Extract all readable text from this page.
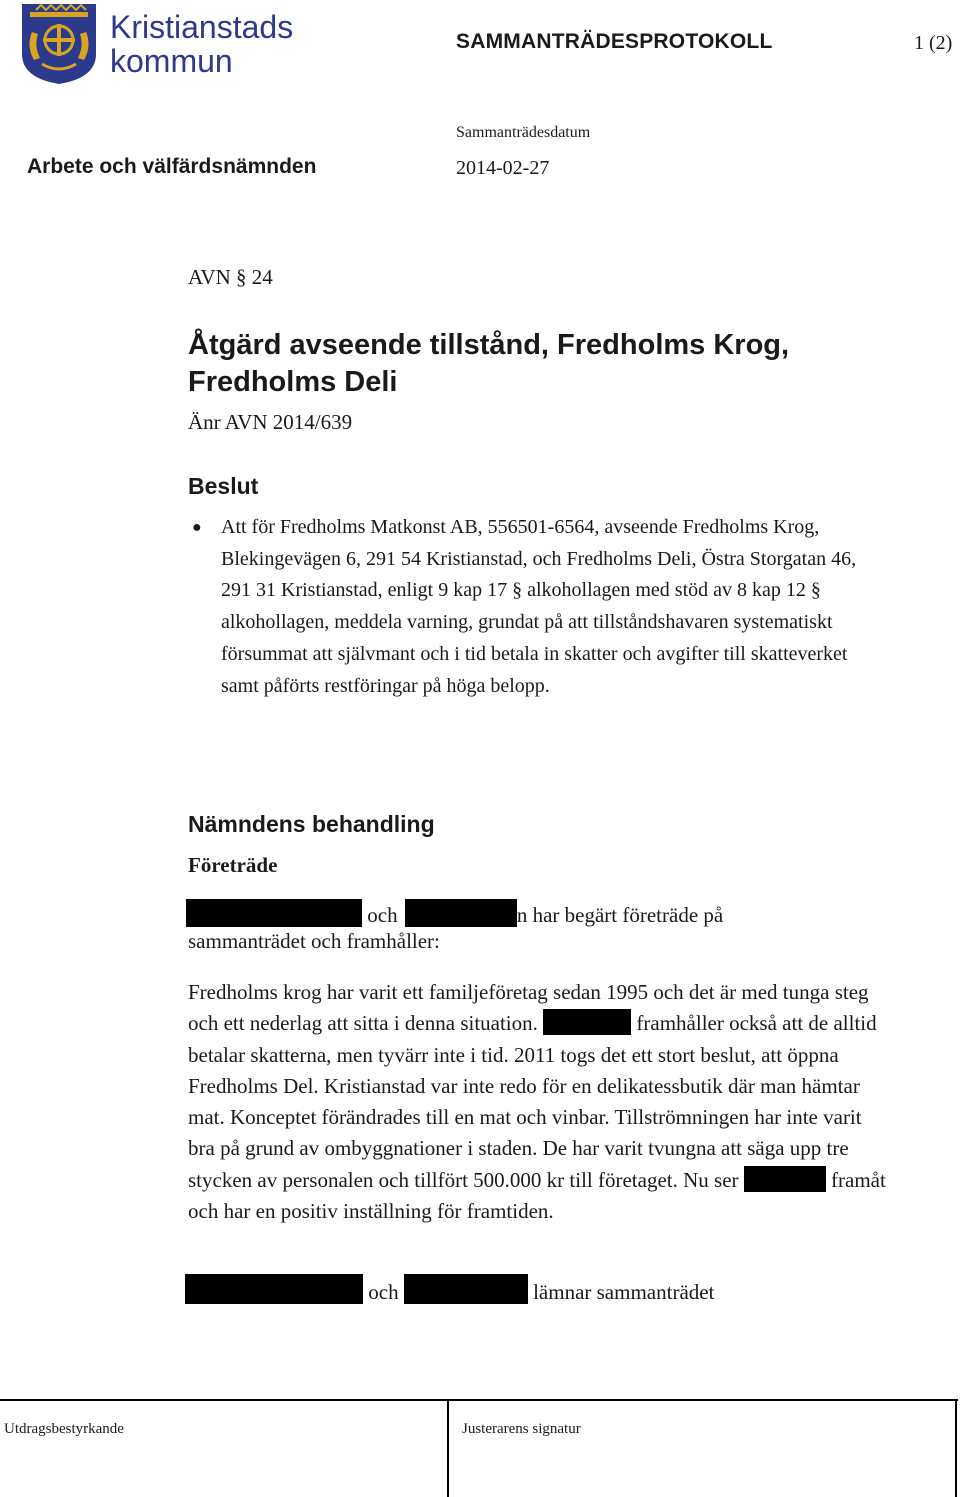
Kristianstads
kommun
SAMMANTRÄDESPROTOKOLL	1 (2)
Sammanträdesdatum
Arbete och välfärdsnämnden	2014-02-27
AVN § 24
Åtgärd avseende tillstånd, Fredholms Krog, Fredholms Deli
Änr AVN 2014/639
Beslut
● Att för Fredholms Matkonst AB, 556501-6564, avseende Fredholms Krog, Blekingevägen 6, 291 54 Kristianstad, och Fredholms Deli, Östra Storgatan 46, 291 31 Kristianstad, enligt 9 kap 17 § alkohollagen med stöd av 8 kap 12 § alkohollagen, meddela varning, grundat på att tillståndshavaren systematiskt försummat att självmant och i tid betala in skatter och avgifter till skatteverket samt påförts restföringar på höga belopp.
Nämndens behandling
Företräde
och	n har begärt företräde på
sammanträdet och framhåller:
Fredholms krog har varit ett familjeföretag sedan 1995 och det är med tunga steg och ett nederlag att sitta i denna situation.	framhåller också att de alltid betalar skatterna, men tyvärr inte i tid. 2011 togs det ett stort beslut, att öppna Fredholms Del. Kristianstad var inte redo för en delikatessbutik där man hämtar mat. Konceptet förändrades till en mat och vinbar. Tillströmningen har inte varit bra på grund av ombyggnationer i staden. De har varit tvungna att säga upp tre stycken av personalen och tillfört 500.000 kr till företaget. Nu ser	framåt och har en positiv inställning för framtiden.
och	lämnar sammanträdet
Utdragsbestyrkande	Justerarens signatur
